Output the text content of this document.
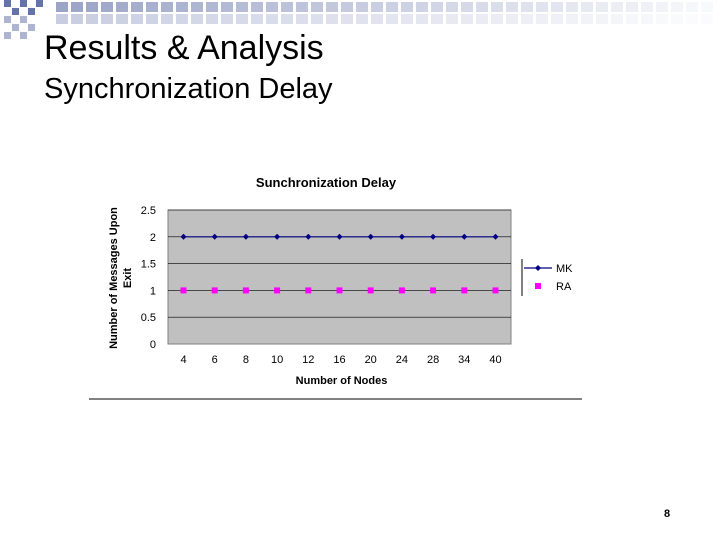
Results & Analysis
Synchronization Delay
Sunchronization Delay
0
0.5
1
1.5
2
2.5
4 6 8 10 12 16 20 24 28 34 40
Number of Nodes
Number of Messages Upon Exit	MK
RA
8
